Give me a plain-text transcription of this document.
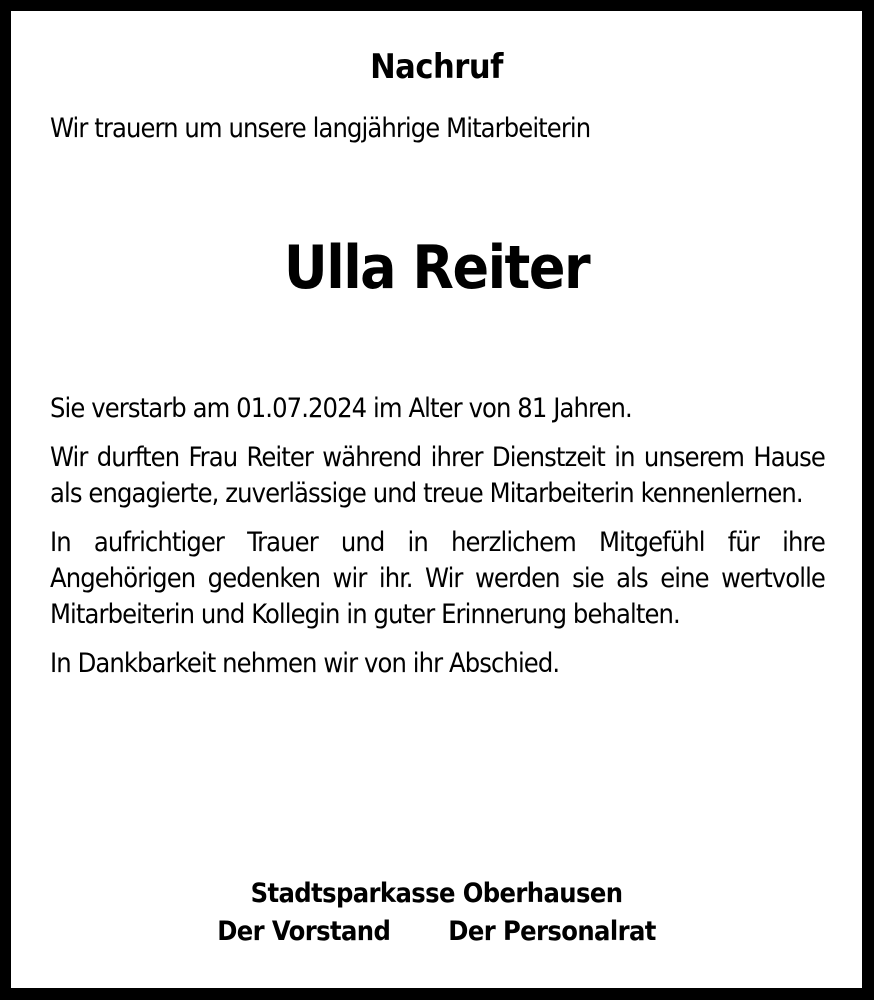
Nachruf
Wir trauern um unsere langjährige Mitarbeiterin
Ulla Reiter

Sie verstarb am 01.07.2024 im Alter von 81 Jahren.

Wir durften Frau Reiter während ihrer Dienstzeit in unserem Hause als engagierte, zuverlässige und treue Mitarbeiterin kennenlernen.

In aufrichtiger Trauer und in herzlichem Mitgefühl für ihre Angehörigen gedenken wir ihr. Wir werden sie als eine wertvolle Mitarbeiterin und Kollegin in guter Erinnerung behalten.

In Dankbarkeit nehmen wir von ihr Abschied.

Stadtsparkasse Oberhausen
Der Vorstand Der Personalrat
